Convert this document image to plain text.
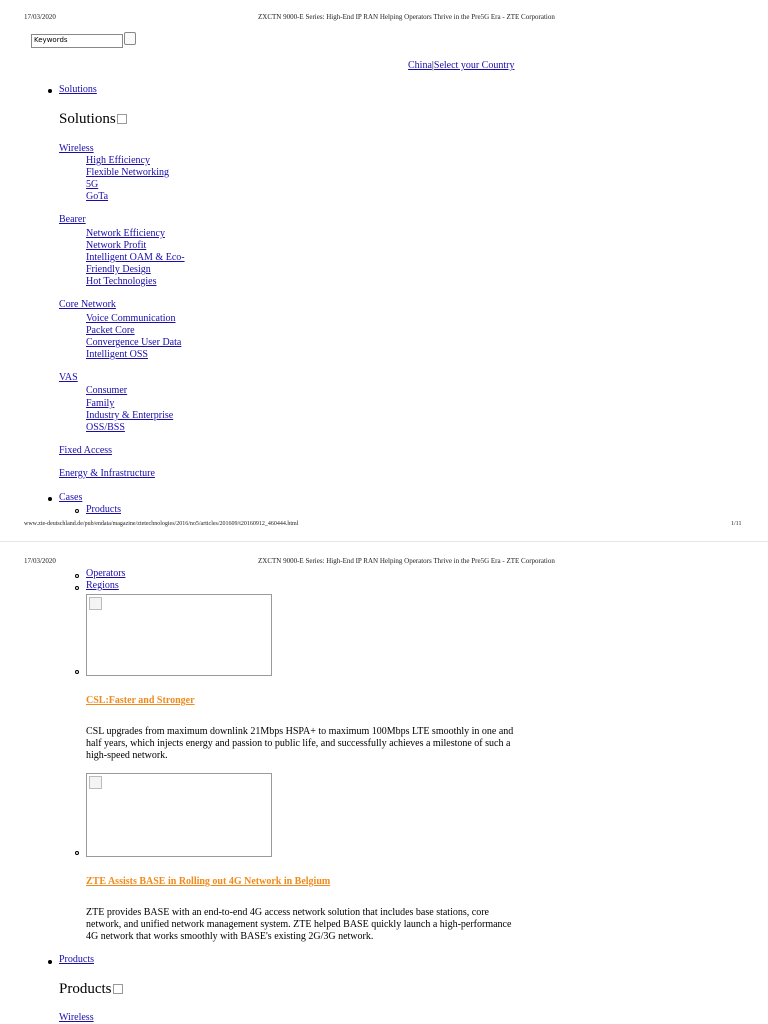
17/03/2020	ZXCTN 9000-E Series: High-End IP RAN Helping Operators Thrive in the Pre5G Era - ZTE Corporation
Keywords
China|Select your Country
Solutions
Solutions
Wireless
High Efficiency
Flexible Networking
5G
GoTa
Bearer
Network Efficiency
Network Profit
Intelligent OAM & Eco-
Friendly Design
Hot Technologies
Core Network
Voice Communication
Packet Core
Convergence User Data
Intelligent OSS
VAS
Consumer
Family
Industry & Enterprise
OSS/BSS
Fixed Access
Energy & Infrastructure
Cases
Products
www.zte-deutschland.de/pub/endata/magazine/ztetechnologies/2016/no5/articles/201609/t20160912_460444.html	1/11
17/03/2020	ZXCTN 9000-E Series: High-End IP RAN Helping Operators Thrive in the Pre5G Era - ZTE Corporation
Operators
Regions
CSL:Faster and Stronger
CSL upgrades from maximum downlink 21Mbps HSPA+ to maximum 100Mbps LTE smoothly in one and half years, which injects energy and passion to public life, and successfully achieves a milestone of such a high-speed network.
ZTE Assists BASE in Rolling out 4G Network in Belgium
ZTE provides BASE with an end-to-end 4G access network solution that includes base stations, core network, and unified network management system. ZTE helped BASE quickly launch a high-performance 4G network that works smoothly with BASE's existing 2G/3G network.
Products
Products
Wireless
